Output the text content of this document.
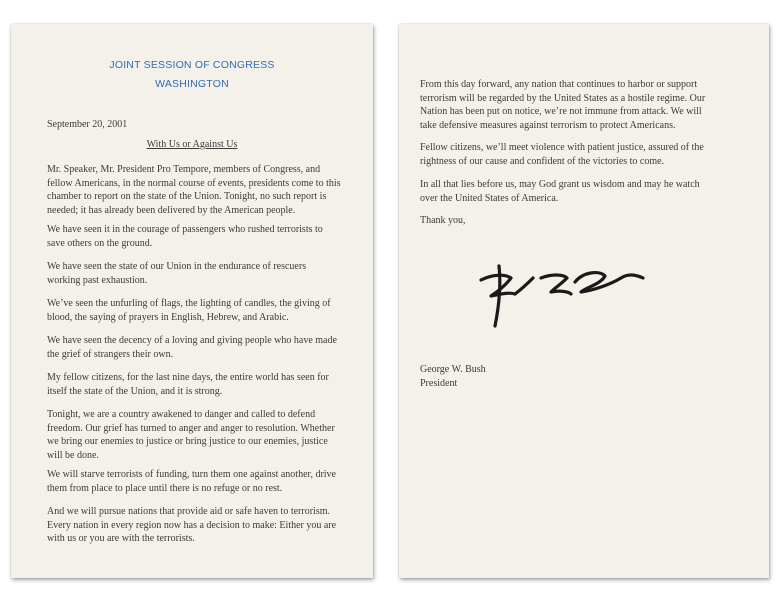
JOINT SESSION OF CONGRESS
WASHINGTON
September 20, 2001
With Us or Against Us

Mr. Speaker, Mr. President Pro Tempore, members of Congress, and
fellow Americans, in the normal course of events, presidents come to this
chamber to report on the state of the Union. Tonight, no such report is
needed; it has already been delivered by the American people.

We have seen it in the courage of passengers who rushed terrorists to
save others on the ground.

We have seen the state of our Union in the endurance of rescuers
working past exhaustion.

We’ve seen the unfurling of flags, the lighting of candles, the giving of
blood, the saying of prayers in English, Hebrew, and Arabic.

We have seen the decency of a loving and giving people who have made
the grief of strangers their own.

My fellow citizens, for the last nine days, the entire world has seen for
itself the state of the Union, and it is strong.

Tonight, we are a country awakened to danger and called to defend
freedom. Our grief has turned to anger and anger to resolution. Whether
we bring our enemies to justice or bring justice to our enemies, justice
will be done.

We will starve terrorists of funding, turn them one against another, drive
them from place to place until there is no refuge or no rest.

And we will pursue nations that provide aid or safe haven to terrorism.
Every nation in every region now has a decision to make: Either you are
with us or you are with the terrorists.

From this day forward, any nation that continues to harbor or support
terrorism will be regarded by the United States as a hostile regime. Our
Nation has been put on notice, we’re not immune from attack. We will
take defensive measures against terrorism to protect Americans.

Fellow citizens, we’ll meet violence with patient justice, assured of the
rightness of our cause and confident of the victories to come.

In all that lies before us, may God grant us wisdom and may he watch
over the United States of America.

Thank you,

George W. Bush
President
